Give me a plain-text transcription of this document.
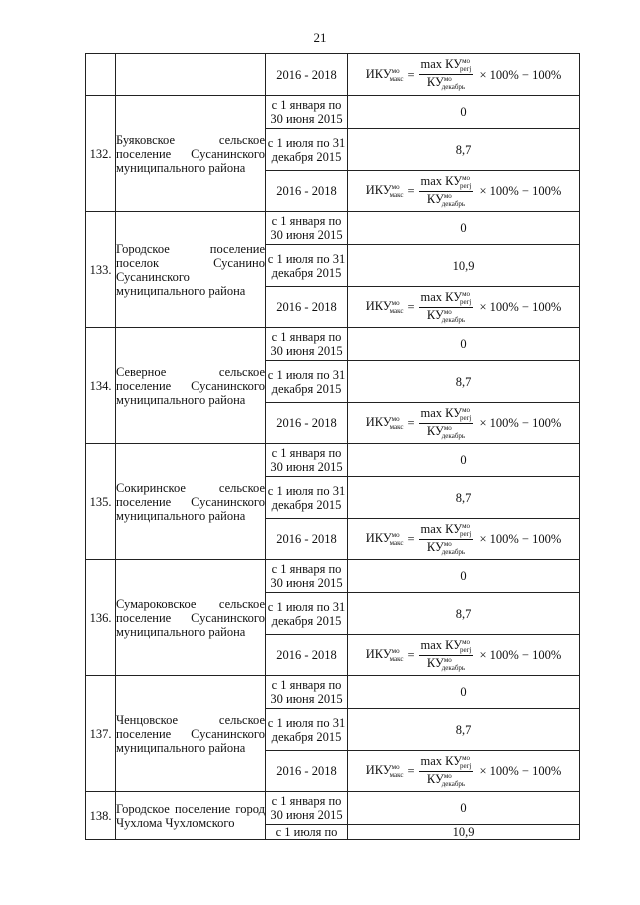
21
		2016 - 2018	$ИКУ^{мо}_{макс} = \frac{\max КУ^{мо}_{регj}}{КУ^{мо}_{декабрь}} \times 100\% - 100\%$

132.	Буяковское сельское поселение Сусанинского муниципального района	с 1 января по 30 июня 2015	0
		с 1 июля по 31 декабря 2015	8,7
		2016 - 2018	$ИКУ^{мо}_{макс} = \frac{\max КУ^{мо}_{регj}}{КУ^{мо}_{декабрь}} \times 100\% - 100\%$

133.	Городское поселение поселок Сусанино Сусанинского муниципального района	с 1 января по 30 июня 2015	0
		с 1 июля по 31 декабря 2015	10,9
		2016 - 2018	$ИКУ^{мо}_{макс} = \frac{\max КУ^{мо}_{регj}}{КУ^{мо}_{декабрь}} \times 100\% - 100\%$

134.	Северное сельское поселение Сусанинского муниципального района	с 1 января по 30 июня 2015	0
		с 1 июля по 31 декабря 2015	8,7
		2016 - 2018	$ИКУ^{мо}_{макс} = \frac{\max КУ^{мо}_{регj}}{КУ^{мо}_{декабрь}} \times 100\% - 100\%$

135.	Сокиринское сельское поселение Сусанинского муниципального района	с 1 января по 30 июня 2015	0
		с 1 июля по 31 декабря 2015	8,7
		2016 - 2018	$ИКУ^{мо}_{макс} = \frac{\max КУ^{мо}_{регj}}{КУ^{мо}_{декабрь}} \times 100\% - 100\%$

136.	Сумароковское сельское поселение Сусанинского муниципального района	с 1 января по 30 июня 2015	0
		с 1 июля по 31 декабря 2015	8,7
		2016 - 2018	$ИКУ^{мо}_{макс} = \frac{\max КУ^{мо}_{регj}}{КУ^{мо}_{декабрь}} \times 100\% - 100\%$

137.	Ченцовское сельское поселение Сусанинского муниципального района	с 1 января по 30 июня 2015	0
		с 1 июля по 31 декабря 2015	8,7
		2016 - 2018	$ИКУ^{мо}_{макс} = \frac{\max КУ^{мо}_{регj}}{КУ^{мо}_{декабрь}} \times 100\% - 100\%$

138.	Городское поселение город Чухлома Чухломского	с 1 января по 30 июня 2015	0
		с 1 июля по	10,9
